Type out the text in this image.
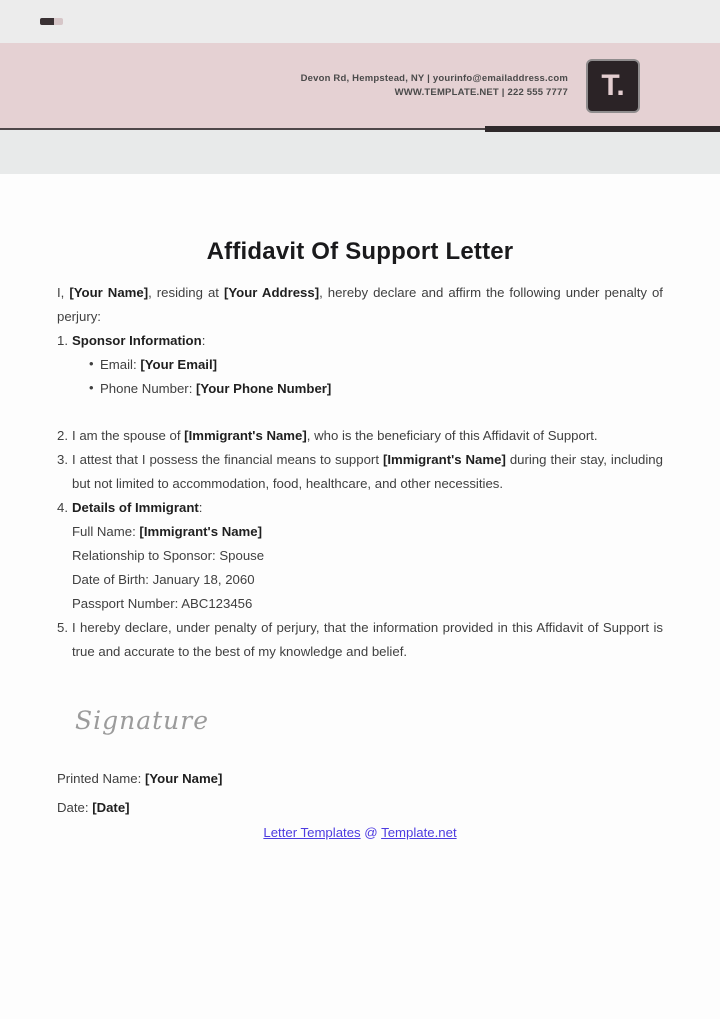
Devon Rd, Hempstead, NY | yourinfo@emailaddress.com
WWW.TEMPLATE.NET | 222 555 7777 T.
Affidavit Of Support Letter
I, [Your Name], residing at [Your Address], hereby declare and affirm the following under penalty of perjury:
1. Sponsor Information:
• Email: [Your Email]
• Phone Number: [Your Phone Number]
2. I am the spouse of [Immigrant's Name], who is the beneficiary of this Affidavit of Support.
3. I attest that I possess the financial means to support [Immigrant's Name] during their stay, including but not limited to accommodation, food, healthcare, and other necessities.
4. Details of Immigrant:
Full Name: [Immigrant's Name]
Relationship to Sponsor: Spouse
Date of Birth: January 18, 2060
Passport Number: ABC123456
5. I hereby declare, under penalty of perjury, that the information provided in this Affidavit of Support is true and accurate to the best of my knowledge and belief.
Signature
Printed Name: [Your Name]
Date: [Date]
Letter Templates @ Template.net
